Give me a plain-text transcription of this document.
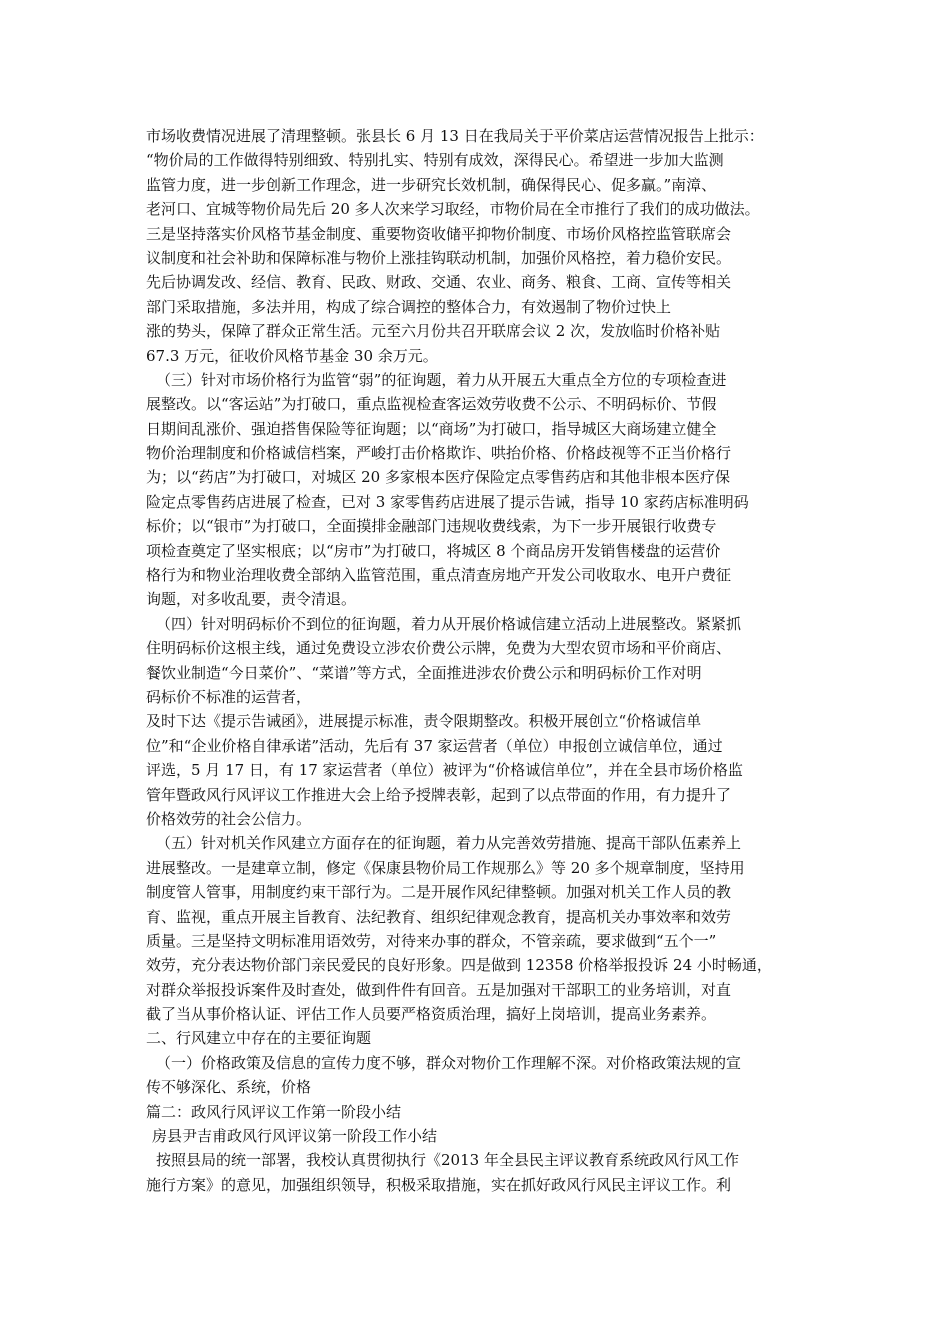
市场收费情况进展了清理整顿。张县长 6 月 13 日在我局关于平价菜店运营情况报告上批示：
“物价局的工作做得特别细致、特别扎实、特别有成效，深得民心。希望进一步加大监测
监管力度，进一步创新工作理念，进一步研究长效机制，确保得民心、促多赢。”南漳、
老河口、宜城等物价局先后 20 多人次来学习取经，市物价局在全市推行了我们的成功做法。
三是坚持落实价风格节基金制度、重要物资收储平抑物价制度、市场价风格控监管联席会
议制度和社会补助和保障标准与物价上涨挂钩联动机制，加强价风格控，着力稳价安民。
先后协调发改、经信、教育、民政、财政、交通、农业、商务、粮食、工商、宣传等相关
部门采取措施，多法并用，构成了综合调控的整体合力，有效遏制了物价过快上
涨的势头，保障了群众正常生活。元至六月份共召开联席会议 2 次，发放临时价格补贴
67.3 万元，征收价风格节基金 30 余万元。
（三）针对市场价格行为监管“弱”的征询题，着力从开展五大重点全方位的专项检查进
展整改。以“客运站”为打破口，重点监视检查客运效劳收费不公示、不明码标价、节假
日期间乱涨价、强迫搭售保险等征询题；以“商场”为打破口，指导城区大商场建立健全
物价治理制度和价格诚信档案，严峻打击价格欺诈、哄抬价格、价格歧视等不正当价格行
为；以“药店”为打破口，对城区 20 多家根本医疗保险定点零售药店和其他非根本医疗保
险定点零售药店进展了检查，已对 3 家零售药店进展了提示告诫，指导 10 家药店标准明码
标价；以“银市”为打破口，全面摸排金融部门违规收费线索，为下一步开展银行收费专
项检查奠定了坚实根底；以“房市”为打破口，将城区 8 个商品房开发销售楼盘的运营价
格行为和物业治理收费全部纳入监管范围，重点清查房地产开发公司收取水、电开户费征
询题，对多收乱要，责令清退。
（四）针对明码标价不到位的征询题，着力从开展价格诚信建立活动上进展整改。紧紧抓
住明码标价这根主线，通过免费设立涉农价费公示牌，免费为大型农贸市场和平价商店、
餐饮业制造“今日菜价”、“菜谱”等方式，全面推进涉农价费公示和明码标价工作对明
码标价不标准的运营者，
及时下达《提示告诫函》，进展提示标准，责令限期整改。积极开展创立“价格诚信单
位”和“企业价格自律承诺”活动，先后有 37 家运营者（单位）申报创立诚信单位，通过
评选，5 月 17 日，有 17 家运营者（单位）被评为“价格诚信单位”，并在全县市场价格监
管年暨政风行风评议工作推进大会上给予授牌表彰，起到了以点带面的作用，有力提升了
价格效劳的社会公信力。
（五）针对机关作风建立方面存在的征询题，着力从完善效劳措施、提高干部队伍素养上
进展整改。一是建章立制，修定《保康县物价局工作规那么》等 20 多个规章制度，坚持用
制度管人管事，用制度约束干部行为。二是开展作风纪律整顿。加强对机关工作人员的教
育、监视，重点开展主旨教育、法纪教育、组织纪律观念教育，提高机关办事效率和效劳
质量。三是坚持文明标准用语效劳，对待来办事的群众，不管亲疏，要求做到“五个一”
效劳，充分表达物价部门亲民爱民的良好形象。四是做到 12358 价格举报投诉 24 小时畅通，
对群众举报投诉案件及时查处，做到件件有回音。五是加强对干部职工的业务培训，对直
截了当从事价格认证、评估工作人员要严格资质治理，搞好上岗培训，提高业务素养。
二、行风建立中存在的主要征询题
（一）价格政策及信息的宣传力度不够，群众对物价工作理解不深。对价格政策法规的宣
传不够深化、系统，价格
篇二：政风行风评议工作第一阶段小结
房县尹吉甫政风行风评议第一阶段工作小结
按照县局的统一部署，我校认真贯彻执行《2013 年全县民主评议教育系统政风行风工作
施行方案》的意见，加强组织领导，积极采取措施，实在抓好政风行风民主评议工作。利
